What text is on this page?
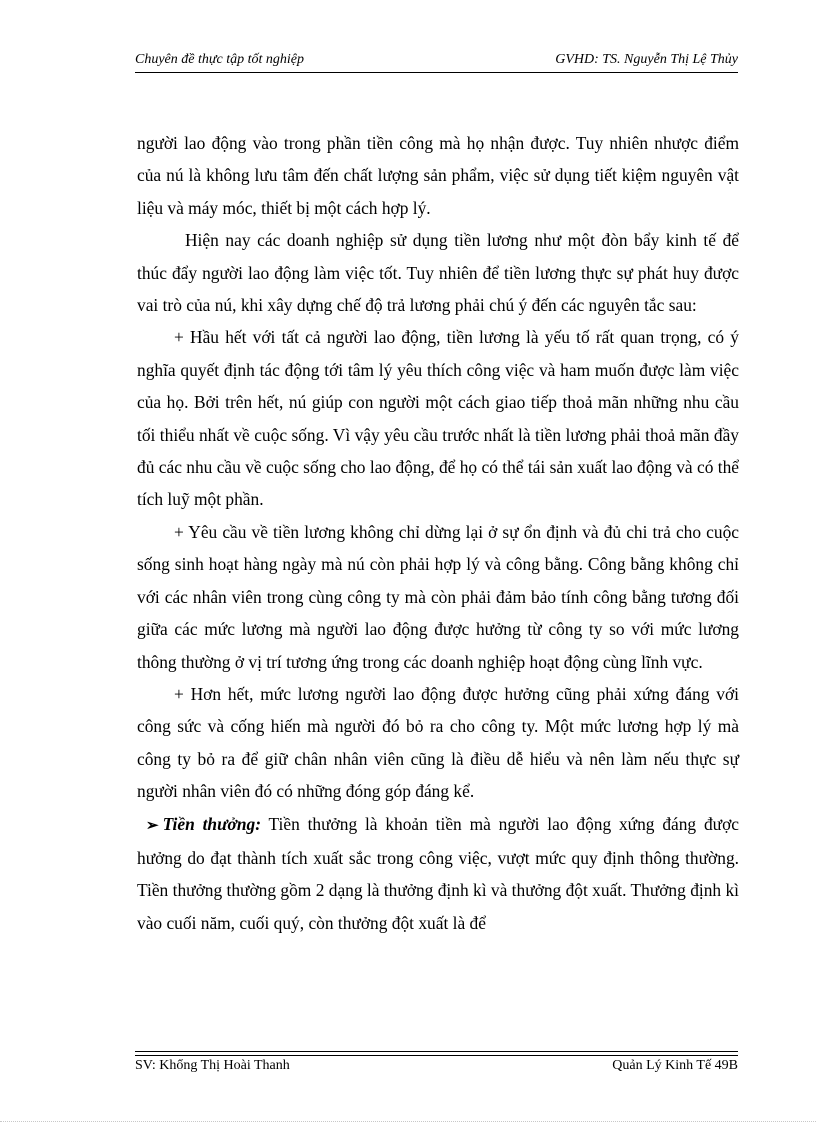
Chuyên đề thực tập tốt nghiệp	GVHD: TS. Nguyễn Thị Lệ Thủy

người lao động vào trong phần tiền công mà họ nhận được. Tuy nhiên nhược điểm của nú là không lưu tâm đến chất lượng sản phẩm, việc sử dụng tiết kiệm nguyên vật liệu và máy móc, thiết bị một cách hợp lý.

Hiện nay các doanh nghiệp sử dụng tiền lương như một đòn bẩy kinh tế để thúc đẩy người lao động làm việc tốt. Tuy nhiên để tiền lương thực sự phát huy được vai trò của nú, khi xây dựng chế độ trả lương phải chú ý đến các nguyên tắc sau:

+ Hầu hết với tất cả người lao động, tiền lương là yếu tố rất quan trọng, có ý nghĩa quyết định tác động tới tâm lý yêu thích công việc và ham muốn được làm việc của họ. Bởi trên hết, nú giúp con người một cách giao tiếp thoả mãn những nhu cầu tối thiểu nhất về cuộc sống. Vì vậy yêu cầu trước nhất là tiền lương phải thoả mãn đầy đủ các nhu cầu về cuộc sống cho lao động, để họ có thể tái sản xuất lao động và có thể tích luỹ một phần.

+ Yêu cầu về tiền lương không chỉ dừng lại ở sự ổn định và đủ chi trả cho cuộc sống sinh hoạt hàng ngày mà nú còn phải hợp lý và công bằng. Công bằng không chỉ với các nhân viên trong cùng công ty mà còn phải đảm bảo tính công bằng tương đối giữa các mức lương mà người lao động được hưởng từ công ty so với mức lương thông thường ở vị trí tương ứng trong các doanh nghiệp hoạt động cùng lĩnh vực.

+ Hơn hết, mức lương người lao động được hưởng cũng phải xứng đáng với công sức và cống hiến mà người đó bỏ ra cho công ty. Một mức lương hợp lý mà công ty bỏ ra để giữ chân nhân viên cũng là điều dễ hiểu và nên làm nếu thực sự người nhân viên đó có những đóng góp đáng kể.

➢ Tiền thưởng: Tiền thưởng là khoản tiền mà người lao động xứng đáng được hưởng do đạt thành tích xuất sắc trong công việc, vượt mức quy định thông thường. Tiền thưởng thường gồm 2 dạng là thưởng định kì và thưởng đột xuất. Thưởng định kì vào cuối năm, cuối quý, còn thưởng đột xuất là để

SV: Khổng Thị Hoài Thanh	Quản Lý Kinh Tế 49B
